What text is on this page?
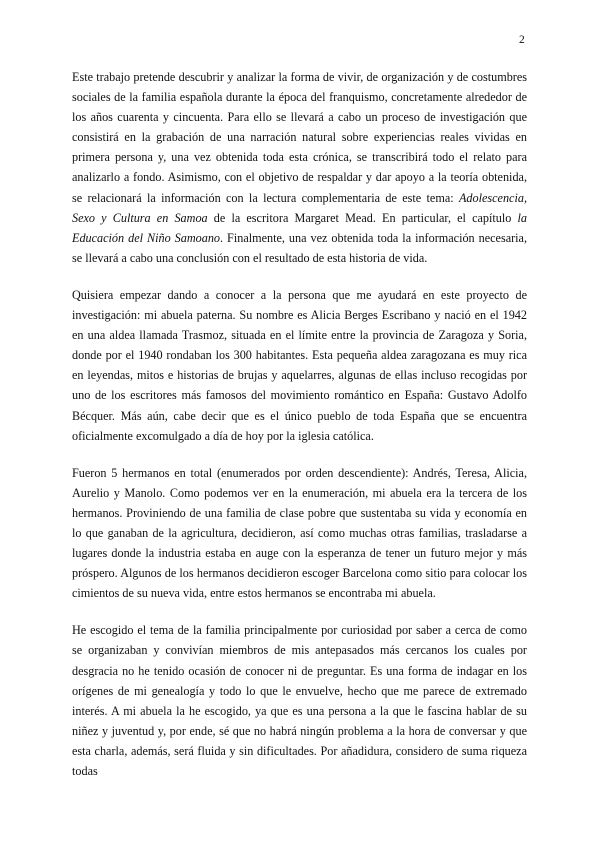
2

Este trabajo pretende descubrir y analizar la forma de vivir, de organización y de costumbres sociales de la familia española durante la época del franquismo, concretamente alrededor de los años cuarenta y cincuenta. Para ello se llevará a cabo un proceso de investigación que consistirá en la grabación de una narración natural sobre experiencias reales vividas en primera persona y, una vez obtenida toda esta crónica, se transcribirá todo el relato para analizarlo a fondo. Asimismo, con el objetivo de respaldar y dar apoyo a la teoría obtenida, se relacionará la información con la lectura complementaria de este tema: Adolescencia, Sexo y Cultura en Samoa de la escritora Margaret Mead. En particular, el capítulo la Educación del Niño Samoano. Finalmente, una vez obtenida toda la información necesaria, se llevará a cabo una conclusión con el resultado de esta historia de vida.

Quisiera empezar dando a conocer a la persona que me ayudará en este proyecto de investigación: mi abuela paterna. Su nombre es Alicia Berges Escribano y nació en el 1942 en una aldea llamada Trasmoz, situada en el límite entre la provincia de Zaragoza y Soria, donde por el 1940 rondaban los 300 habitantes. Esta pequeña aldea zaragozana es muy rica en leyendas, mitos e historias de brujas y aquelarres, algunas de ellas incluso recogidas por uno de los escritores más famosos del movimiento romántico en España: Gustavo Adolfo Bécquer. Más aún, cabe decir que es el único pueblo de toda España que se encuentra oficialmente excomulgado a día de hoy por la iglesia católica.

Fueron 5 hermanos en total (enumerados por orden descendiente): Andrés, Teresa, Alicia, Aurelio y Manolo. Como podemos ver en la enumeración, mi abuela era la tercera de los hermanos. Proviniendo de una familia de clase pobre que sustentaba su vida y economía en lo que ganaban de la agricultura, decidieron, así como muchas otras familias, trasladarse a lugares donde la industria estaba en auge con la esperanza de tener un futuro mejor y más próspero. Algunos de los hermanos decidieron escoger Barcelona como sitio para colocar los cimientos de su nueva vida, entre estos hermanos se encontraba mi abuela.

He escogido el tema de la familia principalmente por curiosidad por saber a cerca de como se organizaban y convivían miembros de mis antepasados más cercanos los cuales por desgracia no he tenido ocasión de conocer ni de preguntar. Es una forma de indagar en los orígenes de mi genealogía y todo lo que le envuelve, hecho que me parece de extremado interés. A mi abuela la he escogido, ya que es una persona a la que le fascina hablar de su niñez y juventud y, por ende, sé que no habrá ningún problema a la hora de conversar y que esta charla, además, será fluida y sin dificultades. Por añadidura, considero de suma riqueza todas
